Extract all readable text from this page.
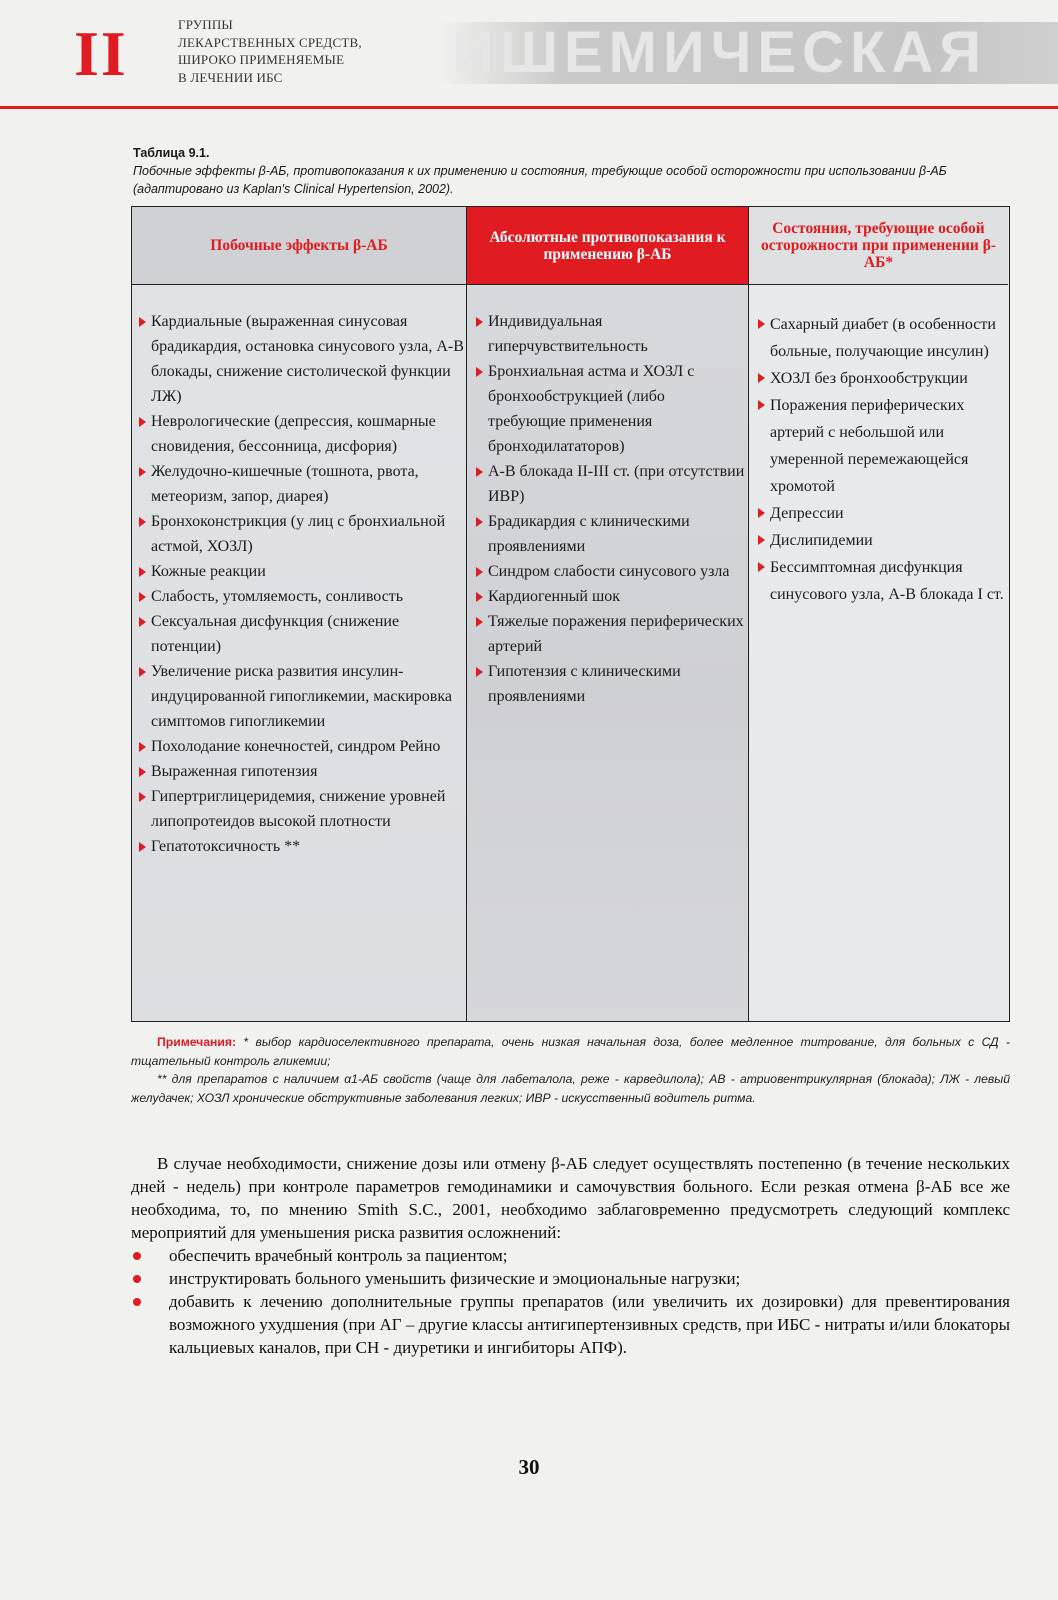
II	ГРУППЫ
ЛЕКАРСТВЕННЫХ СРЕДСТВ,
ШИРОКО ПРИМЕНЯЕМЫЕ
В ЛЕЧЕНИИ ИБС	ИШЕМИЧЕСКАЯ
Таблица 9.1.
Побочные эффекты β-АБ, противопоказания к их применению и состояния, требующие особой осторожности при использовании β-АБ (адаптировано из Kaplan's Clinical Hypertension, 2002).
Побочные эффекты β-АБ
Кардиальные (выраженная синусовая брадикардия, остановка синусового узла, А-В блокады, снижение систолической функции ЛЖ)
Неврологические (депрессия, кошмарные сновидения, бессонница, дисфория)
Желудочно-кишечные (тошнота, рвота, метеоризм, запор, диарея)
Бронхоконстрикция (у лиц с бронхиальной астмой, ХОЗЛ)
Кожные реакции
Слабость, утомляемость, сонливость
Сексуальная дисфункция (снижение потенции)
Увеличение риска развития инсулин-индуцированной гипогликемии, маскировка симптомов гипогликемии
Похолодание конечностей, синдром Рейно
Выраженная гипотензия
Гипертриглицеридемия, снижение уровней липопротеидов высокой плотности
Гепатотоксичность **
Абсолютные противопоказания к применению β-АБ
Индивидуальная гиперчувствительность
Бронхиальная астма и ХОЗЛ с бронхообструкцией (либо требующие применения бронходилататоров)
А-В блокада II-III ст. (при отсутствии ИВР)
Брадикардия с клиническими проявлениями
Синдром слабости синусового узла
Кардиогенный шок
Тяжелые поражения периферических артерий
Гипотензия с клиническими проявлениями
Состояния, требующие особой осторожности при применении β-АБ*
Сахарный диабет (в особенности больные, получающие инсулин)
ХОЗЛ без бронхообструкции
Поражения периферических артерий с небольшой или умеренной перемежающейся хромотой
Депрессии
Дислипидемии
Бессимптомная дисфункция синусового узла, А-В блокада I ст.

Примечания: * выбор кардиоселективного препарата, очень низкая начальная доза, более медленное титрование, для больных с СД - тщательный контроль гликемии;

** для препаратов с наличием α1-АБ свойств (чаще для лабеталола, реже - карведилола); АВ - атриовентрикулярная (блокада); ЛЖ - левый желудачек; ХОЗЛ хронические обструктивные заболевания легких; ИВР - искусственный водитель ритма.

В случае необходимости, снижение дозы или отмену β-АБ следует осуществлять постепенно (в течение нескольких дней - недель) при контроле параметров гемодинамики и самочувствия больного. Если резкая отмена β-АБ все же необходима, то, по мнению Smith S.C., 2001, необходимо заблаговременно предусмотреть следующий комплекс мероприятий для уменьшения риска развития осложнений:

обеспечить врачебный контроль за пациентом;
инструктировать больного уменьшить физические и эмоциональные нагрузки;
добавить к лечению дополнительные группы препаратов (или увеличить их дозировки) для превентирования возможного ухудшения (при АГ – другие классы антигипертензивных средств, при ИБС - нитраты и/или блокаторы кальциевых каналов, при СН - диуретики и ингибиторы АПФ).
30
